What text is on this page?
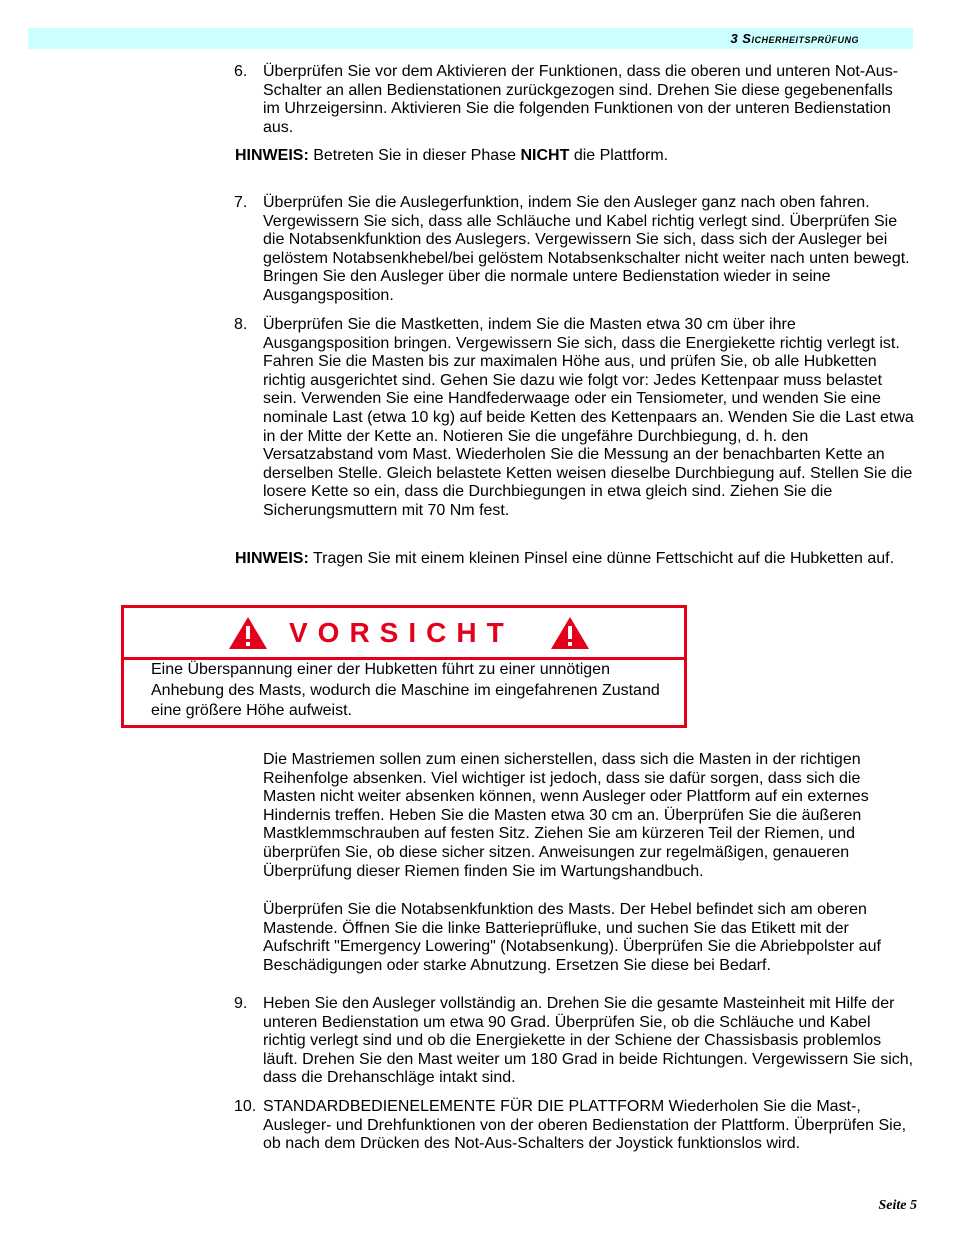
3 Sicherheitsprüfung
6. Überprüfen Sie vor dem Aktivieren der Funktionen, dass die oberen und unteren Not-Aus-Schalter an allen Bedienstationen zurückgezogen sind. Drehen Sie diese gegebenenfalls im Uhrzeigersinn. Aktivieren Sie die folgenden Funktionen von der unteren Bedienstation aus.
HINWEIS: Betreten Sie in dieser Phase NICHT die Plattform.
7. Überprüfen Sie die Auslegerfunktion, indem Sie den Ausleger ganz nach oben fahren. Vergewissern Sie sich, dass alle Schläuche und Kabel richtig verlegt sind. Überprüfen Sie die Notabsenkfunktion des Auslegers. Vergewissern Sie sich, dass sich der Ausleger bei gelöstem Notabsenkhebel/bei gelöstem Notabsenkschalter nicht weiter nach unten bewegt. Bringen Sie den Ausleger über die normale untere Bedienstation wieder in seine Ausgangsposition.
8. Überprüfen Sie die Mastketten, indem Sie die Masten etwa 30 cm über ihre Ausgangsposition bringen. Vergewissern Sie sich, dass die Energiekette richtig verlegt ist. Fahren Sie die Masten bis zur maximalen Höhe aus, und prüfen Sie, ob alle Hubketten richtig ausgerichtet sind. Gehen Sie dazu wie folgt vor: Jedes Kettenpaar muss belastet sein. Verwenden Sie eine Handfederwaage oder ein Tensiometer, und wenden Sie eine nominale Last (etwa 10 kg) auf beide Ketten des Kettenpaars an. Wenden Sie die Last etwa in der Mitte der Kette an. Notieren Sie die ungefähre Durchbiegung, d. h. den Versatzabstand vom Mast. Wiederholen Sie die Messung an der benachbarten Kette an derselben Stelle. Gleich belastete Ketten weisen dieselbe Durchbiegung auf. Stellen Sie die losere Kette so ein, dass die Durchbiegungen in etwa gleich sind. Ziehen Sie die Sicherungsmuttern mit 70 Nm fest.
HINWEIS: Tragen Sie mit einem kleinen Pinsel eine dünne Fettschicht auf die Hubketten auf.
VORSICHT
Eine Überspannung einer der Hubketten führt zu einer unnötigen Anhebung des Masts, wodurch die Maschine im eingefahrenen Zustand eine größere Höhe aufweist.
Die Mastriemen sollen zum einen sicherstellen, dass sich die Masten in der richtigen Reihenfolge absenken. Viel wichtiger ist jedoch, dass sie dafür sorgen, dass sich die Masten nicht weiter absenken können, wenn Ausleger oder Plattform auf ein externes Hindernis treffen. Heben Sie die Masten etwa 30 cm an. Überprüfen Sie die äußeren Mastklemmschrauben auf festen Sitz. Ziehen Sie am kürzeren Teil der Riemen, und überprüfen Sie, ob diese sicher sitzen. Anweisungen zur regelmäßigen, genaueren Überprüfung dieser Riemen finden Sie im Wartungshandbuch.
Überprüfen Sie die Notabsenkfunktion des Masts. Der Hebel befindet sich am oberen Mastende. Öffnen Sie die linke Batterieprüfluke, und suchen Sie das Etikett mit der Aufschrift "Emergency Lowering" (Notabsenkung). Überprüfen Sie die Abriebpolster auf Beschädigungen oder starke Abnutzung. Ersetzen Sie diese bei Bedarf.
9. Heben Sie den Ausleger vollständig an. Drehen Sie die gesamte Masteinheit mit Hilfe der unteren Bedienstation um etwa 90 Grad. Überprüfen Sie, ob die Schläuche und Kabel richtig verlegt sind und ob die Energiekette in der Schiene der Chassisbasis problemlos läuft. Drehen Sie den Mast weiter um 180 Grad in beide Richtungen. Vergewissern Sie sich, dass die Drehanschläge intakt sind.
10. STANDARDBEDIENELEMENTE FÜR DIE PLATTFORM Wiederholen Sie die Mast-, Ausleger- und Drehfunktionen von der oberen Bedienstation der Plattform. Überprüfen Sie, ob nach dem Drücken des Not-Aus-Schalters der Joystick funktionslos wird.
Seite 5
